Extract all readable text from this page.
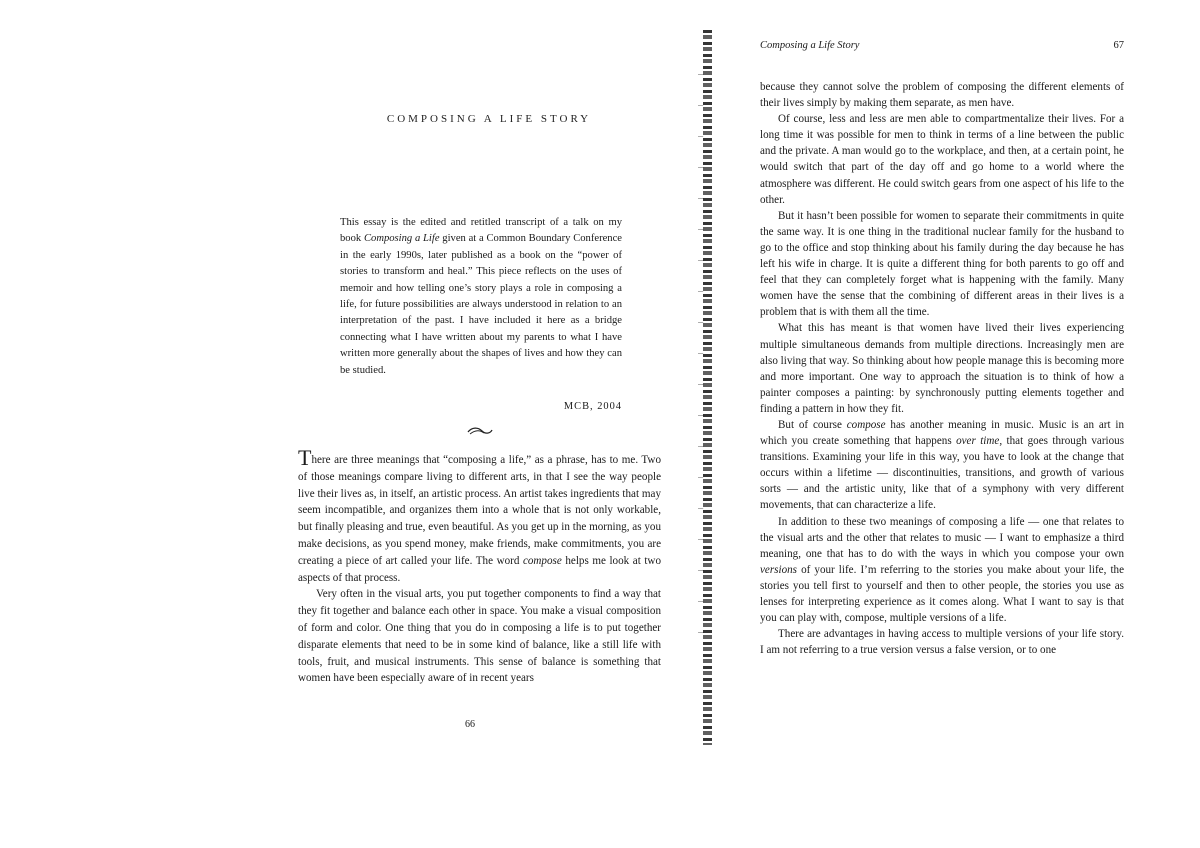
COMPOSING A LIFE STORY

This essay is the edited and retitled transcript of a talk on my book Composing a Life given at a Common Boundary Conference in the early 1990s, later published as a book on the “power of stories to transform and heal.” This piece reflects on the uses of memoir and how telling one’s story plays a role in composing a life, for future possibilities are always understood in relation to an interpretation of the past. I have included it here as a bridge connecting what I have written about my parents to what I have written more generally about the shapes of lives and how they can be studied.

MCB, 2004

There are three meanings that “composing a life,” as a phrase, has to me. Two of those meanings compare living to different arts, in that I see the way people live their lives as, in itself, an artistic process. An artist takes ingredients that may seem incompatible, and organizes them into a whole that is not only workable, but finally pleasing and true, even beautiful. As you get up in the morning, as you make decisions, as you spend money, make friends, make commitments, you are creating a piece of art called your life. The word compose helps me look at two aspects of that process.

Very often in the visual arts, you put together components to find a way that they fit together and balance each other in space. You make a visual composition of form and color. One thing that you do in composing a life is to put together disparate elements that need to be in some kind of balance, like a still life with tools, fruit, and musical instruments. This sense of balance is something that women have been especially aware of in recent years

66
Composing a Life Story	67

because they cannot solve the problem of composing the different elements of their lives simply by making them separate, as men have.

Of course, less and less are men able to compartmentalize their lives. For a long time it was possible for men to think in terms of a line between the public and the private. A man would go to the workplace, and then, at a certain point, he would switch that part of the day off and go home to a world where the atmosphere was different. He could switch gears from one aspect of his life to the other.

But it hasn’t been possible for women to separate their commitments in quite the same way. It is one thing in the traditional nuclear family for the husband to go to the office and stop thinking about his family during the day because he has left his wife in charge. It is quite a different thing for both parents to go off and feel that they can completely forget what is happening with the family. Many women have the sense that the combining of different areas in their lives is a problem that is with them all the time.

What this has meant is that women have lived their lives experiencing multiple simultaneous demands from multiple directions. Increasingly men are also living that way. So thinking about how people manage this is becoming more and more important. One way to approach the situation is to think of how a painter composes a painting: by synchronously putting elements together and finding a pattern in how they fit.

But of course compose has another meaning in music. Music is an art in which you create something that happens over time, that goes through various transitions. Examining your life in this way, you have to look at the change that occurs within a lifetime — discontinuities, transitions, and growth of various sorts — and the artistic unity, like that of a symphony with very different movements, that can characterize a life.

In addition to these two meanings of composing a life — one that relates to the visual arts and the other that relates to music — I want to emphasize a third meaning, one that has to do with the ways in which you compose your own versions of your life. I’m referring to the stories you make about your life, the stories you tell first to yourself and then to other people, the stories you use as lenses for interpreting experience as it comes along. What I want to say is that you can play with, compose, multiple versions of a life.

There are advantages in having access to multiple versions of your life story. I am not referring to a true version versus a false version, or to one
